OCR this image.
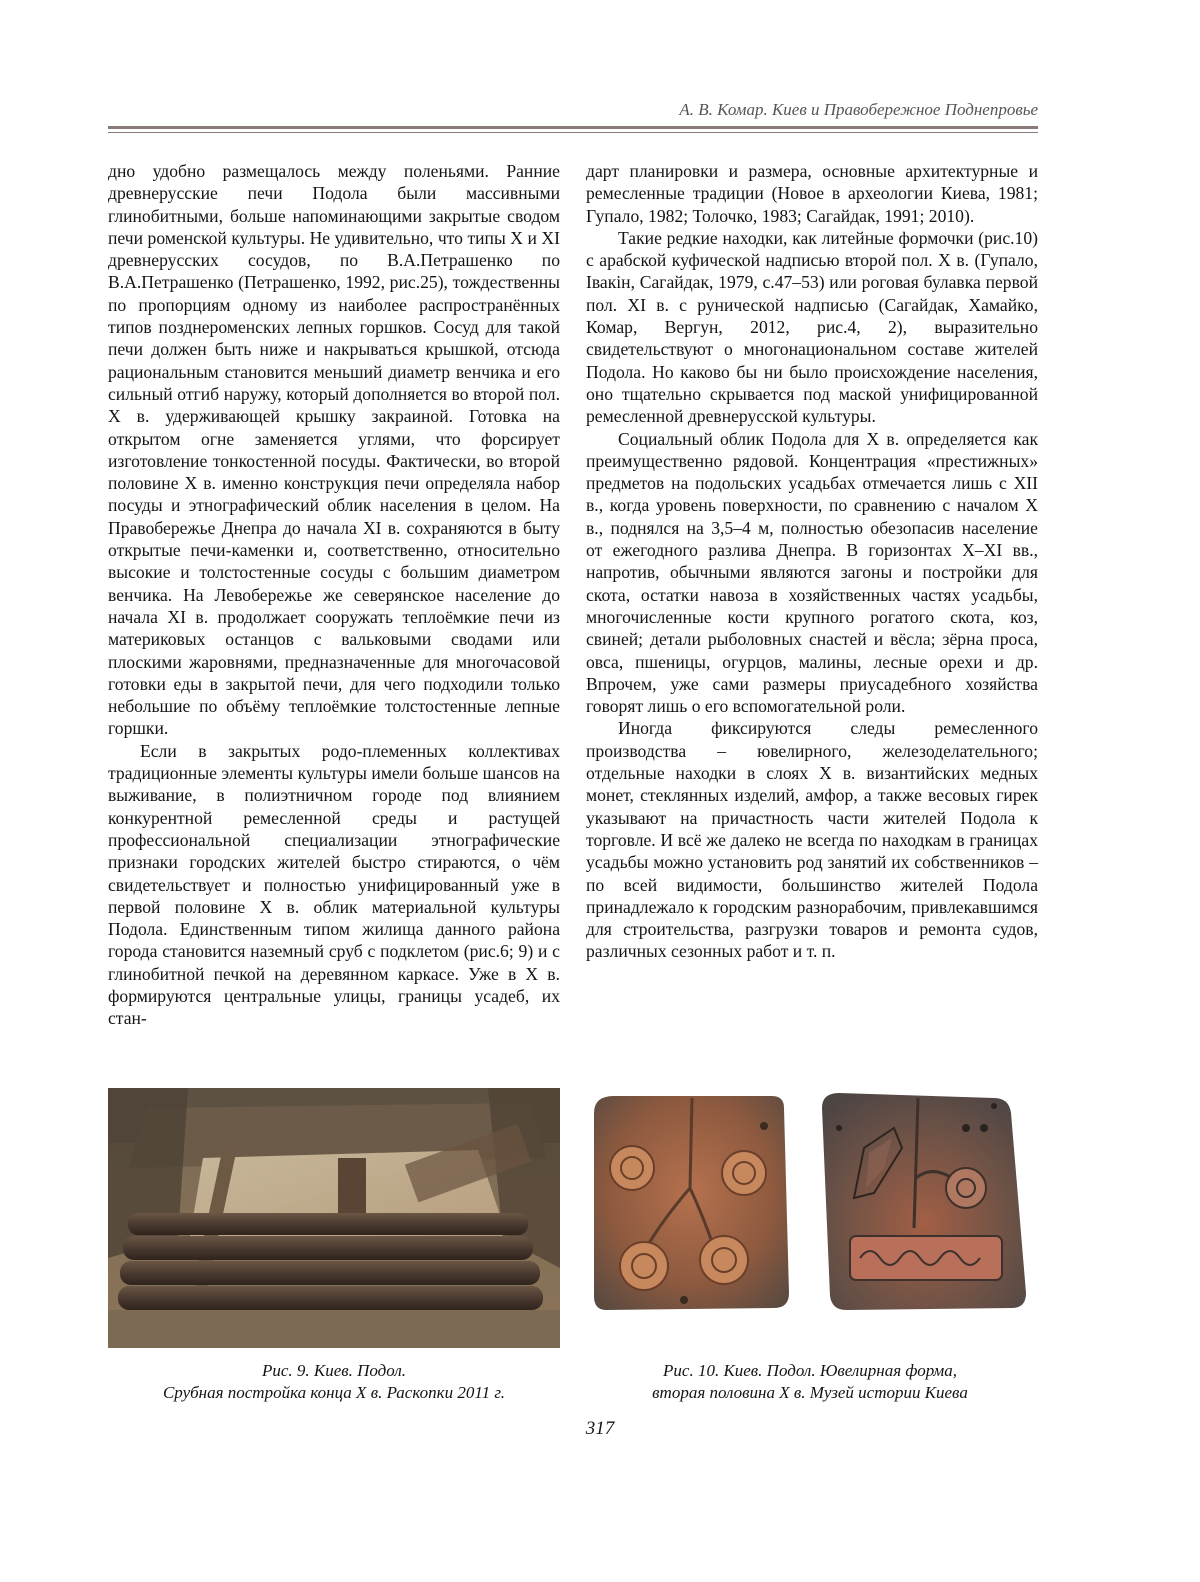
А. В. Комар. Киев и Правобережное Поднепровье

дно удобно размещалось между поленьями. Ранние древнерусские печи Подола были массивными глинобитными, больше напоминающими закрытые сводом печи роменской культуры. Не удивительно, что типы X и XI древнерусских сосудов, по В.А.Петрашенко по В.А.Петрашенко (Петрашенко, 1992, рис.25), тождественны по пропорциям одному из наиболее распространённых типов позднероменских лепных горшков. Сосуд для такой печи должен быть ниже и накрываться крышкой, отсюда рациональным становится меньший диаметр венчика и его сильный отгиб наружу, который дополняется во второй пол. X в. удерживающей крышку закраиной. Готовка на открытом огне заменяется углями, что форсирует изготовление тонкостенной посуды. Фактически, во второй половине X в. именно конструкция печи определяла набор посуды и этнографический облик населения в целом. На Правобережье Днепра до начала XI в. сохраняются в быту открытые печи-каменки и, соответственно, относительно высокие и толстостенные сосуды с большим диаметром венчика. На Левобережье же северянское население до начала XI в. продолжает сооружать теплоёмкие печи из материковых останцов с вальковыми сводами или плоскими жаровнями, предназначенные для многочасовой готовки еды в закрытой печи, для чего подходили только небольшие по объёму теплоёмкие толстостенные лепные горшки.

Если в закрытых родо-племенных коллективах традиционные элементы культуры имели больше шансов на выживание, в полиэтничном городе под влиянием конкурентной ремесленной среды и растущей профессиональной специализации этнографические признаки городских жителей быстро стираются, о чём свидетельствует и полностью унифицированный уже в первой половине X в. облик материальной культуры Подола. Единственным типом жилища данного района города становится наземный сруб с подклетом (рис.6; 9) и с глинобитной печкой на деревянном каркасе. Уже в X в. формируются центральные улицы, границы усадеб, их стан-

дарт планировки и размера, основные архитектурные и ремесленные традиции (Новое в археологии Киева, 1981; Гупало, 1982; Толочко, 1983; Сагайдак, 1991; 2010).

Такие редкие находки, как литейные формочки (рис.10) с арабской куфической надписью второй пол. X в. (Гупало, Івакін, Сагайдак, 1979, с.47–53) или роговая булавка первой пол. XI в. с рунической надписью (Сагайдак, Хамайко, Комар, Вергун, 2012, рис.4, 2), выразительно свидетельствуют о многонациональном составе жителей Подола. Но каково бы ни было происхождение населения, оно тщательно скрывается под маской унифицированной ремесленной древнерусской культуры.

Социальный облик Подола для X в. определяется как преимущественно рядовой. Концентрация «престижных» предметов на подольских усадьбах отмечается лишь с XII в., когда уровень поверхности, по сравнению с началом X в., поднялся на 3,5–4 м, полностью обезопасив население от ежегодного разлива Днепра. В горизонтах X–XI вв., напротив, обычными являются загоны и постройки для скота, остатки навоза в хозяйственных частях усадьбы, многочисленные кости крупного рогатого скота, коз, свиней; детали рыболовных снастей и вёсла; зёрна проса, овса, пшеницы, огурцов, малины, лесные орехи и др. Впрочем, уже сами размеры приусадебного хозяйства говорят лишь о его вспомогательной роли.

Иногда фиксируются следы ремесленного производства – ювелирного, железоделательного; отдельные находки в слоях X в. византийских медных монет, стеклянных изделий, амфор, а также весовых гирек указывают на причастность части жителей Подола к торговле. И всё же далеко не всегда по находкам в границах усадьбы можно установить род занятий их собственников – по всей видимости, большинство жителей Подола принадлежало к городским разнорабочим, привлекавшимся для строительства, разгрузки товаров и ремонта судов, различных сезонных работ и т. п.

Рис. 9. Киев. Подол.
Срубная постройка конца X в. Раскопки 2011 г.
Рис. 10. Киев. Подол. Ювелирная форма,
вторая половина X в. Музей истории Киева
317
